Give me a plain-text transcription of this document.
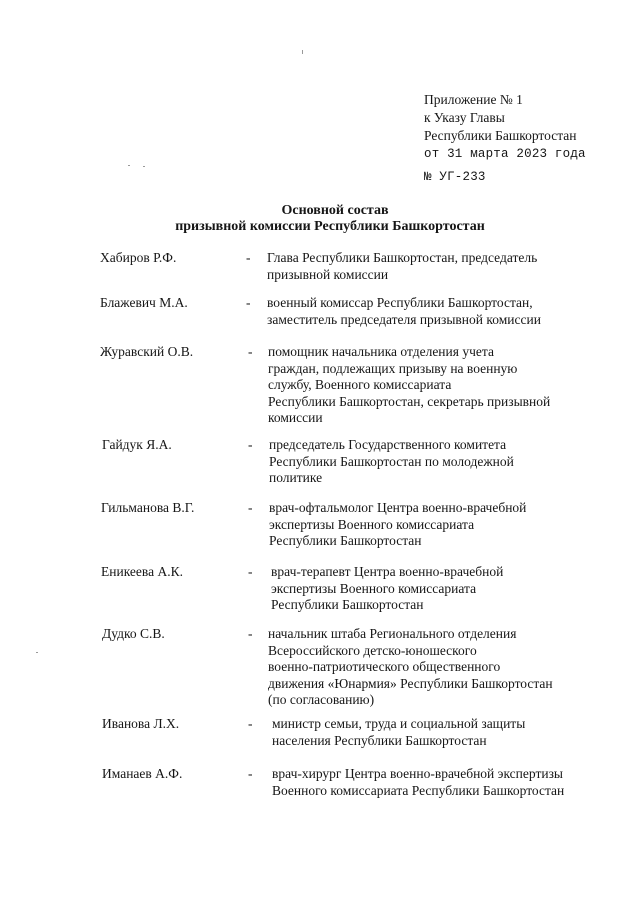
Приложение № 1
к Указу Главы
Республики Башкортостан
от 31 марта 2023 года
№ УГ-233
Основной состав
призывной комиссии Республики Башкортостан
Хабиров Р.Ф.	- Глава Республики Башкортостан, председатель
призывной комиссии
Блажевич М.А.	- военный комиссар Республики Башкортостан,
заместитель председателя призывной комиссии
Журавский О.В.	- помощник начальника отделения учета
граждан, подлежащих призыву на военную
службу, Военного комиссариата
Республики Башкортостан, секретарь призывной
комиссии
Гайдук Я.А.	- председатель Государственного комитета
Республики Башкортостан по молодежной
политике
Гильманова В.Г.	- врач-офтальмолог Центра военно-врачебной
экспертизы Военного комиссариата
Республики Башкортостан
Еникеева А.К.	- врач-терапевт Центра военно-врачебной
экспертизы Военного комиссариата
Республики Башкортостан
Дудко С.В.	- начальник штаба Регионального отделения
Всероссийского детско-юношеского
военно-патриотического общественного
движения «Юнармия» Республики Башкортостан
(по согласованию)
Иванова Л.Х.	- министр семьи, труда и социальной защиты
населения Республики Башкортостан
Иманаев А.Ф.	- врач-хирург Центра военно-врачебной экспертизы
Военного комиссариата Республики Башкортостан
